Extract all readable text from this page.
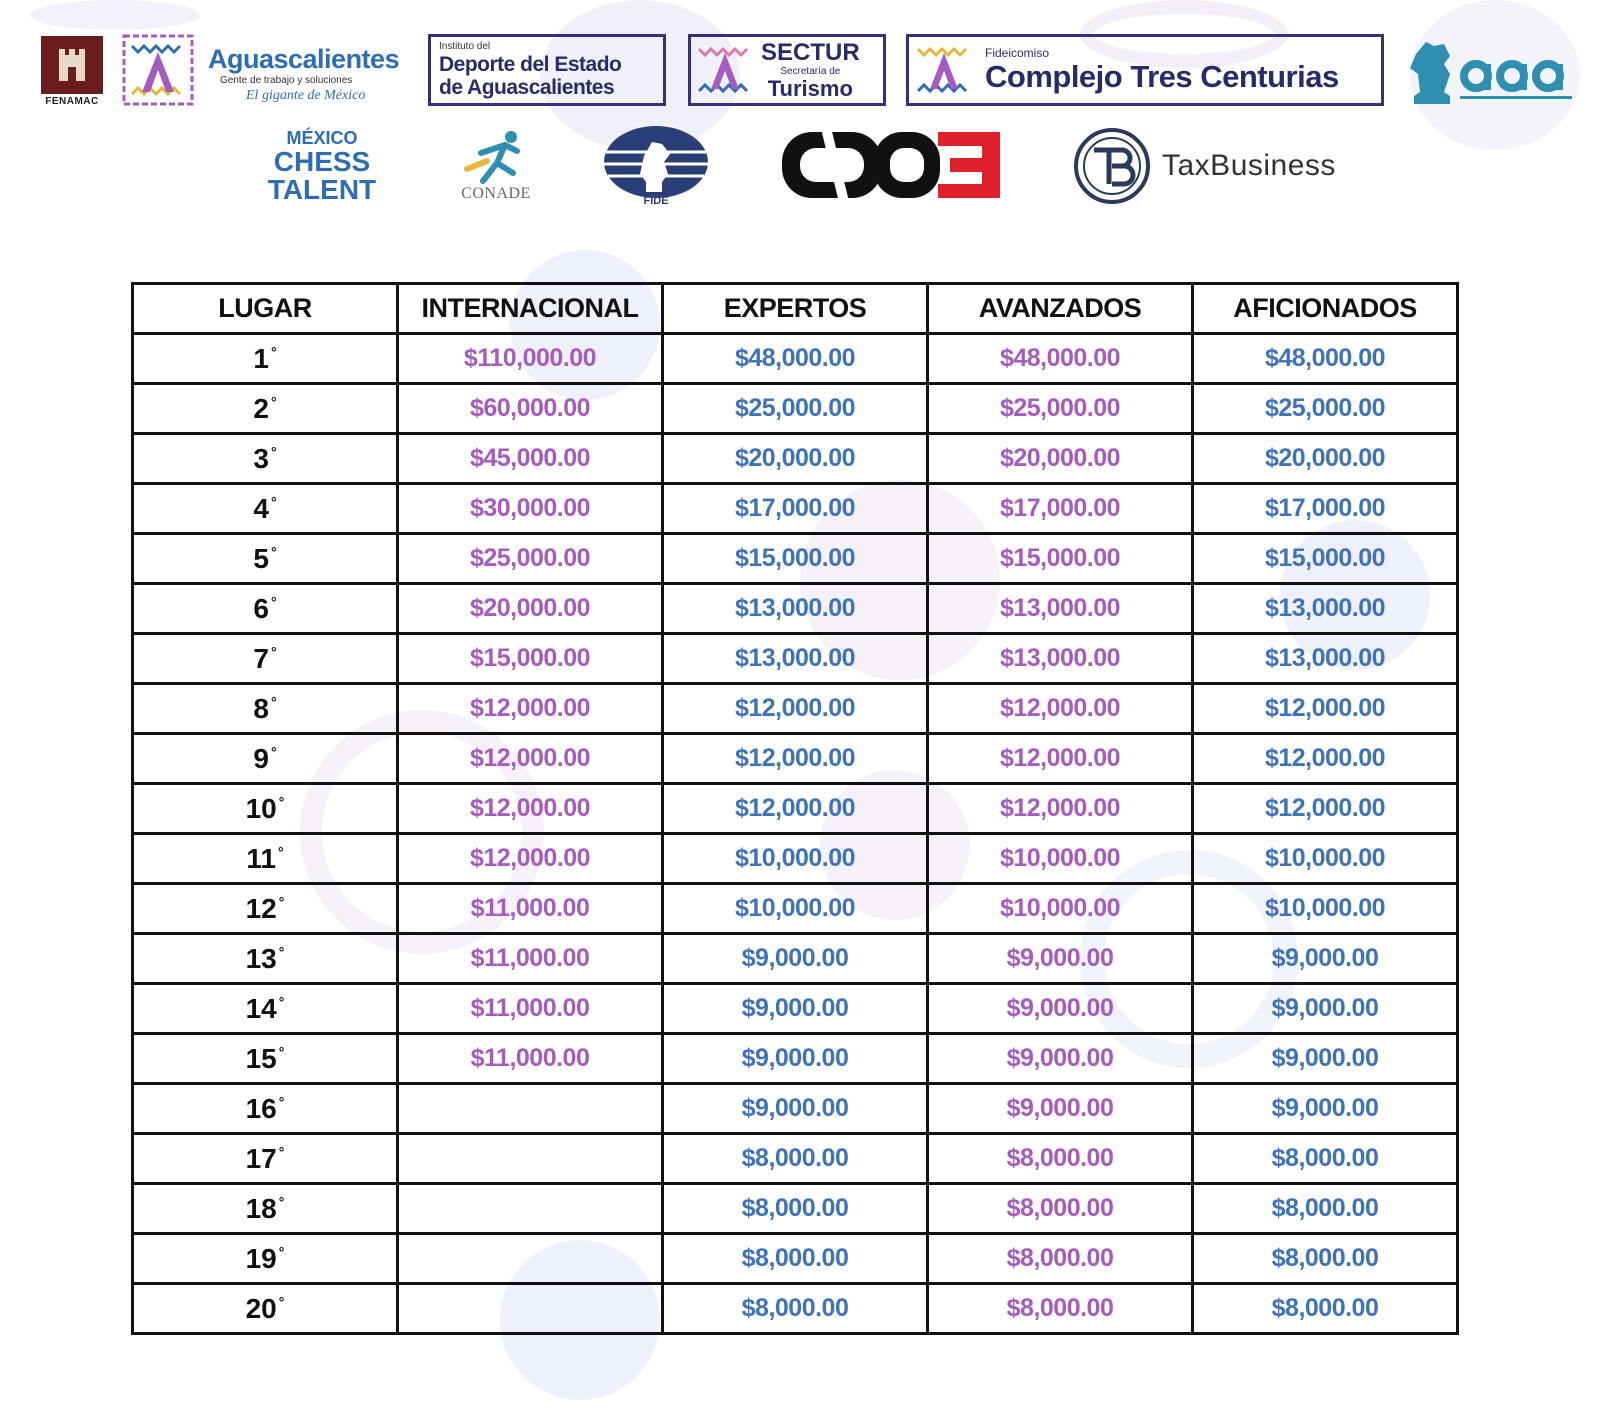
FENAMAC
Aguascalientes
Gente de trabajo y soluciones
El gigante de México
Instituto del
Deporte del Estado
de Aguascalientes
SECTUR
Secretaría de
Turismo
Fideicomiso
Complejo Tres Centurias
MÉXICO
CHESS
TALENT	CONADE	FIDE
TaxBusiness
LUGAR	INTERNACIONAL	EXPERTOS	AVANZADOS	AFICIONADOS
1 °	$110,000.00	$48,000.00	$48,000.00	$48,000.00
2 °	$60,000.00	$25,000.00	$25,000.00	$25,000.00
3 °	$45,000.00	$20,000.00	$20,000.00	$20,000.00
4 °	$30,000.00	$17,000.00	$17,000.00	$17,000.00
5 °	$25,000.00	$15,000.00	$15,000.00	$15,000.00
6 °	$20,000.00	$13,000.00	$13,000.00	$13,000.00
7 °	$15,000.00	$13,000.00	$13,000.00	$13,000.00
8 °	$12,000.00	$12,000.00	$12,000.00	$12,000.00
9 °	$12,000.00	$12,000.00	$12,000.00	$12,000.00
10 °	$12,000.00	$12,000.00	$12,000.00	$12,000.00
11 °	$12,000.00	$10,000.00	$10,000.00	$10,000.00
12 °	$11,000.00	$10,000.00	$10,000.00	$10,000.00
13 °	$11,000.00	$9,000.00	$9,000.00	$9,000.00
14 °	$11,000.00	$9,000.00	$9,000.00	$9,000.00
15 °	$11,000.00	$9,000.00	$9,000.00	$9,000.00
16 °		$9,000.00	$9,000.00	$9,000.00
17 °		$8,000.00	$8,000.00	$8,000.00
18 °		$8,000.00	$8,000.00	$8,000.00
19 °		$8,000.00	$8,000.00	$8,000.00
20 °		$8,000.00	$8,000.00	$8,000.00
